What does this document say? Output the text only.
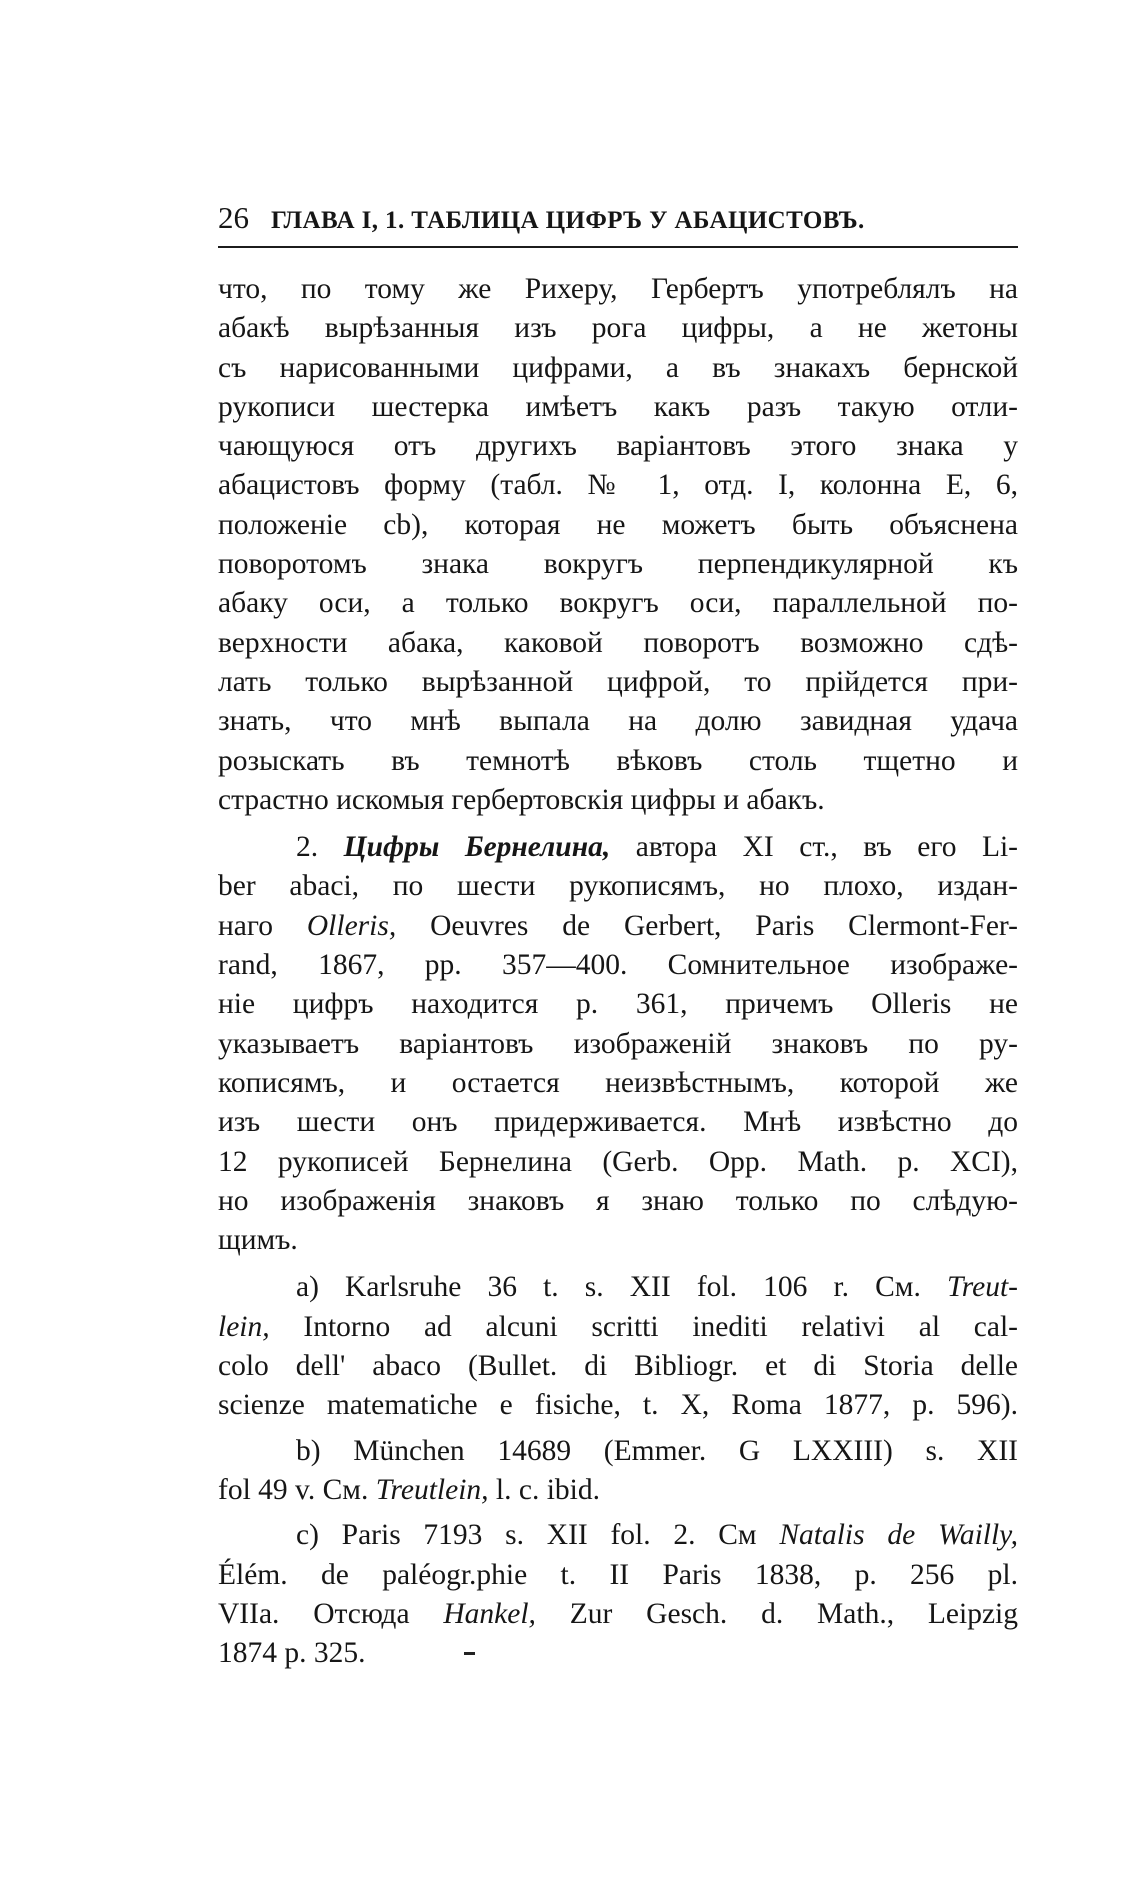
26 ГЛАВА I, 1. ТАБЛИЦА ЦИФРЪ У АБАЦИСТОВЪ.
что, по тому же Рихеру, Гербертъ употреблялъ на
абакѣ вырѣзанныя изъ рога цифры, а не жетоны
съ нарисованными цифрами, а въ знакахъ бернской
рукописи шестерка имѣетъ какъ разъ такую отли-
чающуюся отъ другихъ варіантовъ этого знака у
абацистовъ форму (табл. № 1, отд. I, колонна E, 6,
положеніе cb), которая не можетъ быть объяснена
поворотомъ знака вокругъ перпендикулярной къ
абаку оси, а только вокругъ оси, параллельной по-
верхности абака, каковой поворотъ возможно сдѣ-
лать только вырѣзанной цифрой, то прійдется при-
знать, что мнѣ выпала на долю завидная удача
розыскать въ темнотѣ вѣковъ столь тщетно и
страстно искомыя гербертовскія цифры и абакъ.
2. Цифры Бернелина, автора XI ст., въ его Li-
ber abaci, по шести рукописямъ, но плохо, издан-
наго Olleris, Oeuvres de Gerbert, Paris Clermont-Fer-
rand, 1867, pp. 357—400. Сомнительное изображе-
ніе цифръ находится p. 361, причемъ Olleris не
указываетъ варіантовъ изображеній знаковъ по ру-
кописямъ, и остается неизвѣстнымъ, которой же
изъ шести онъ придерживается. Мнѣ извѣстно до
12 рукописей Бернелина (Gerb. Opp. Math. p. XCI),
но изображенія знаковъ я знаю только по слѣдую-
щимъ.
a) Karlsruhe 36 t. s. XII fol. 106 r. См. Treut-
lein, Intorno ad alcuni scritti inediti relativi al cal-
colo dell' abaco (Bullet. di Bibliogr. et di Storia delle
scienze matematiche e fisiche, t. X, Roma 1877, p. 596).
b) München 14689 (Emmer. G LXXIII) s. XII
fol 49 v. См. Treutlein, l. c. ibid.
c) Paris 7193 s. XII fol. 2. См Natalis de Wailly,
Élém. de paléogr.phie t. II Paris 1838, p. 256 pl.
VIIa. Отсюда Hankel, Zur Gesch. d. Math., Leipzig
1874 p. 325.
